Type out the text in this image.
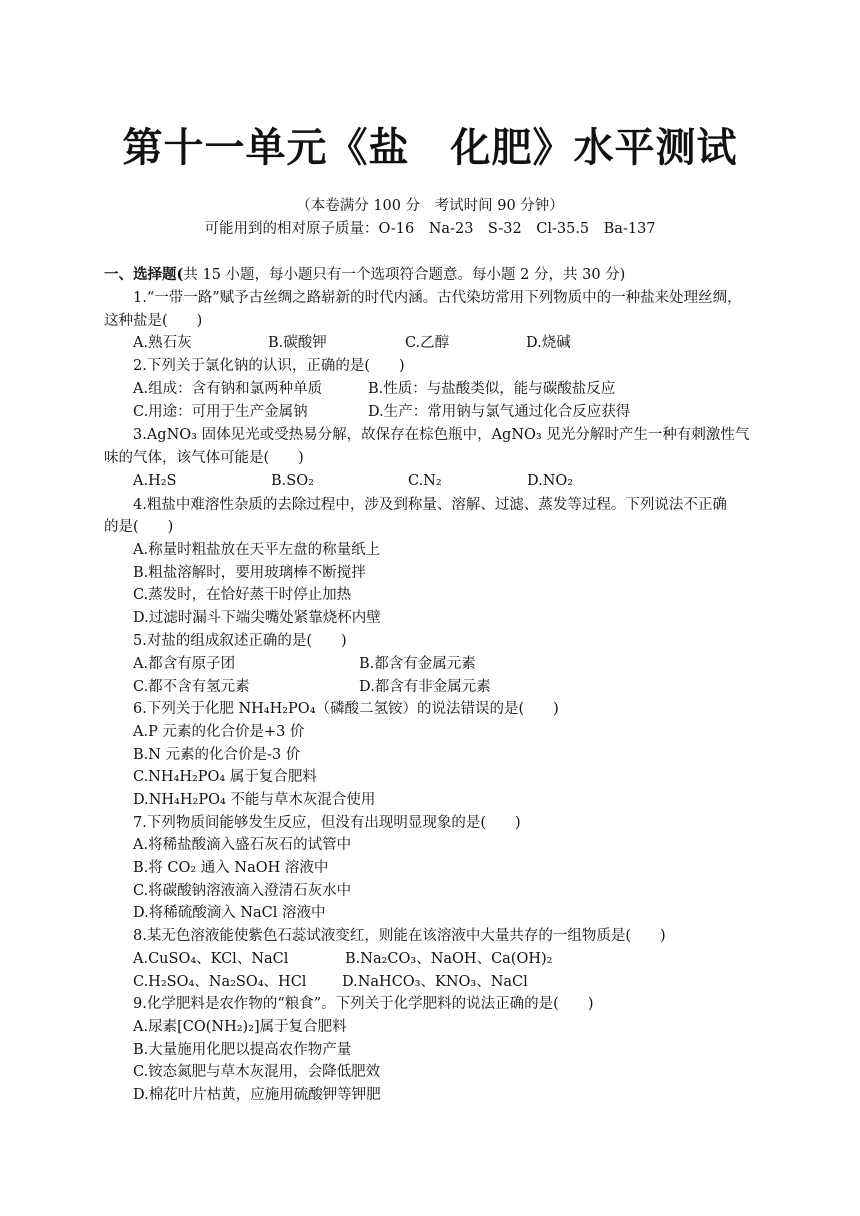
第十一单元《盐　化肥》水平测试
（本卷满分 100 分　考试时间 90 分钟）
可能用到的相对原子质量：O-16　Na-23　S-32　Cl-35.5　Ba-137
一、选择题(共 15 小题，每小题只有一个选项符合题意。每小题 2 分，共 30 分)
1.“一带一路”赋予古丝绸之路崭新的时代内涵。古代染坊常用下列物质中的一种盐来处理丝绸，
这种盐是(　　)
A.熟石灰	B.碳酸钾	C.乙醇	D.烧碱
2.下列关于氯化钠的认识，正确的是(　　)
A.组成：含有钠和氯两种单质	B.性质：与盐酸类似，能与碳酸盐反应
C.用途：可用于生产金属钠	D.生产：常用钠与氯气通过化合反应获得
3.AgNO₃ 固体见光或受热易分解，故保存在棕色瓶中，AgNO₃ 见光分解时产生一种有刺激性气
味的气体，该气体可能是(　　)
A.H₂S	B.SO₂	C.N₂	D.NO₂
4.粗盐中难溶性杂质的去除过程中，涉及到称量、溶解、过滤、蒸发等过程。下列说法不正确
的是(　　)
A.称量时粗盐放在天平左盘的称量纸上
B.粗盐溶解时，要用玻璃棒不断搅拌
C.蒸发时，在恰好蒸干时停止加热
D.过滤时漏斗下端尖嘴处紧靠烧杯内壁
5.对盐的组成叙述正确的是(　　)
A.都含有原子团	B.都含有金属元素
C.都不含有氢元素	D.都含有非金属元素
6.下列关于化肥 NH₄H₂PO₄（磷酸二氢铵）的说法错误的是(　　)
A.P 元素的化合价是+3 价
B.N 元素的化合价是-3 价
C.NH₄H₂PO₄ 属于复合肥料
D.NH₄H₂PO₄ 不能与草木灰混合使用
7.下列物质间能够发生反应，但没有出现明显现象的是(　　)
A.将稀盐酸滴入盛石灰石的试管中
B.将 CO₂ 通入 NaOH 溶液中
C.将碳酸钠溶液滴入澄清石灰水中
D.将稀硫酸滴入 NaCl 溶液中
8.某无色溶液能使紫色石蕊试液变红，则能在该溶液中大量共存的一组物质是(　　)
A.CuSO₄、KCl、NaCl	B.Na₂CO₃、NaOH、Ca(OH)₂
C.H₂SO₄、Na₂SO₄、HCl D.NaHCO₃、KNO₃、NaCl
9.化学肥料是农作物的“粮食”。下列关于化学肥料的说法正确的是(　　)
A.尿素[CO(NH₂)₂]属于复合肥料
B.大量施用化肥以提高农作物产量
C.铵态氮肥与草木灰混用，会降低肥效
D.棉花叶片枯黄，应施用硫酸钾等钾肥
